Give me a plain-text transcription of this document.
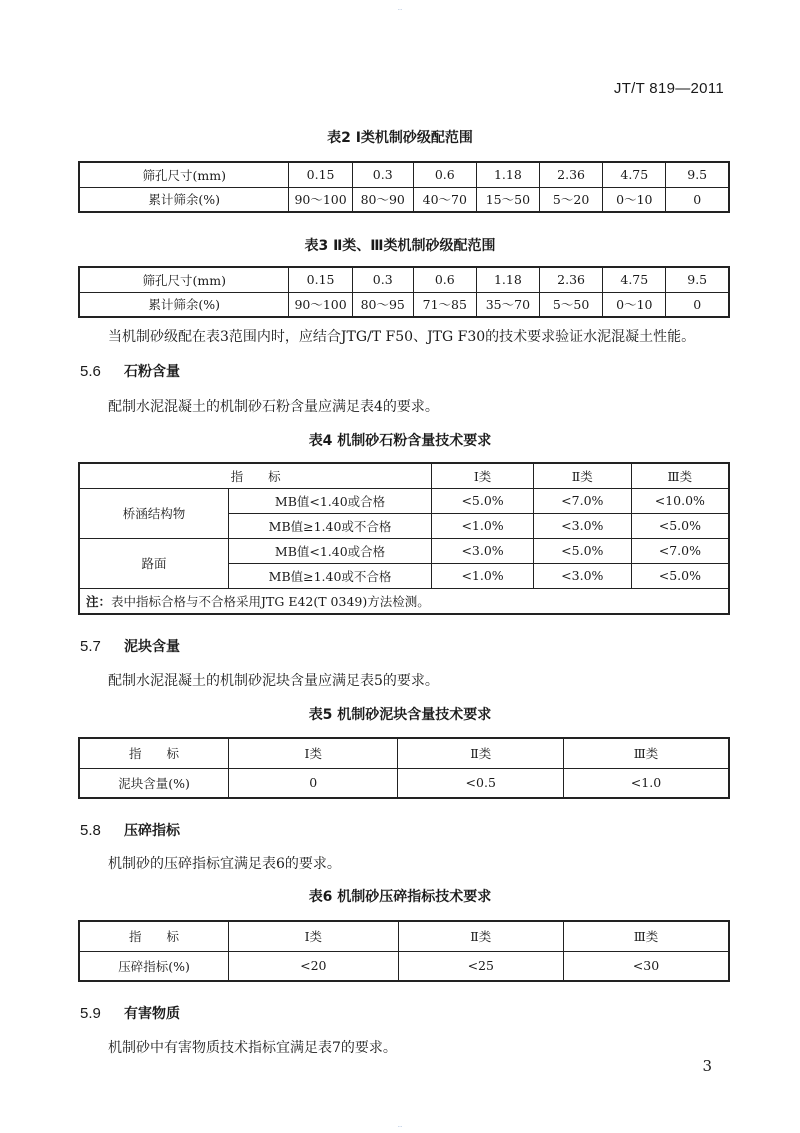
…
JT/T 819—2011
表2 Ⅰ类机制砂级配范围
筛孔尺寸(mm)	0.15	0.3	0.6	1.18	2.36	4.75	9.5
累计筛余(%)	90～100	80～90	40～70	15～50	5～20	0～10	0
表3 Ⅱ类、Ⅲ类机制砂级配范围
筛孔尺寸(mm)	0.15	0.3	0.6	1.18	2.36	4.75	9.5
累计筛余(%)	90～100	80～95	71～85	35～70	5～50	0～10	0
当机制砂级配在表3范围内时，应结合JTG/T F50、JTG F30的技术要求验证水泥混凝土性能。
5.6 石粉含量
配制水泥混凝土的机制砂石粉含量应满足表4的要求。
表4 机制砂石粉含量技术要求
指　　标		Ⅰ类	Ⅱ类	Ⅲ类
桥涵结构物	MB值<1.40或合格	<5.0%	<7.0%	<10.0%
	MB值≥1.40或不合格	<1.0%	<3.0%	<5.0%
路面	MB值<1.40或合格	<3.0%	<5.0%	<7.0%
	MB值≥1.40或不合格	<1.0%	<3.0%	<5.0%
注：表中指标合格与不合格采用JTG E42(T 0349)方法检测。				
5.7 泥块含量
配制水泥混凝土的机制砂泥块含量应满足表5的要求。
表5 机制砂泥块含量技术要求
指　　标	Ⅰ类	Ⅱ类	Ⅲ类
泥块含量(%)	0	<0.5	<1.0
5.8 压碎指标
机制砂的压碎指标宜满足表6的要求。
表6 机制砂压碎指标技术要求
指　　标	Ⅰ类	Ⅱ类	Ⅲ类
压碎指标(%)	<20	<25	<30
5.9 有害物质
机制砂中有害物质技术指标宜满足表7的要求。
3
…
